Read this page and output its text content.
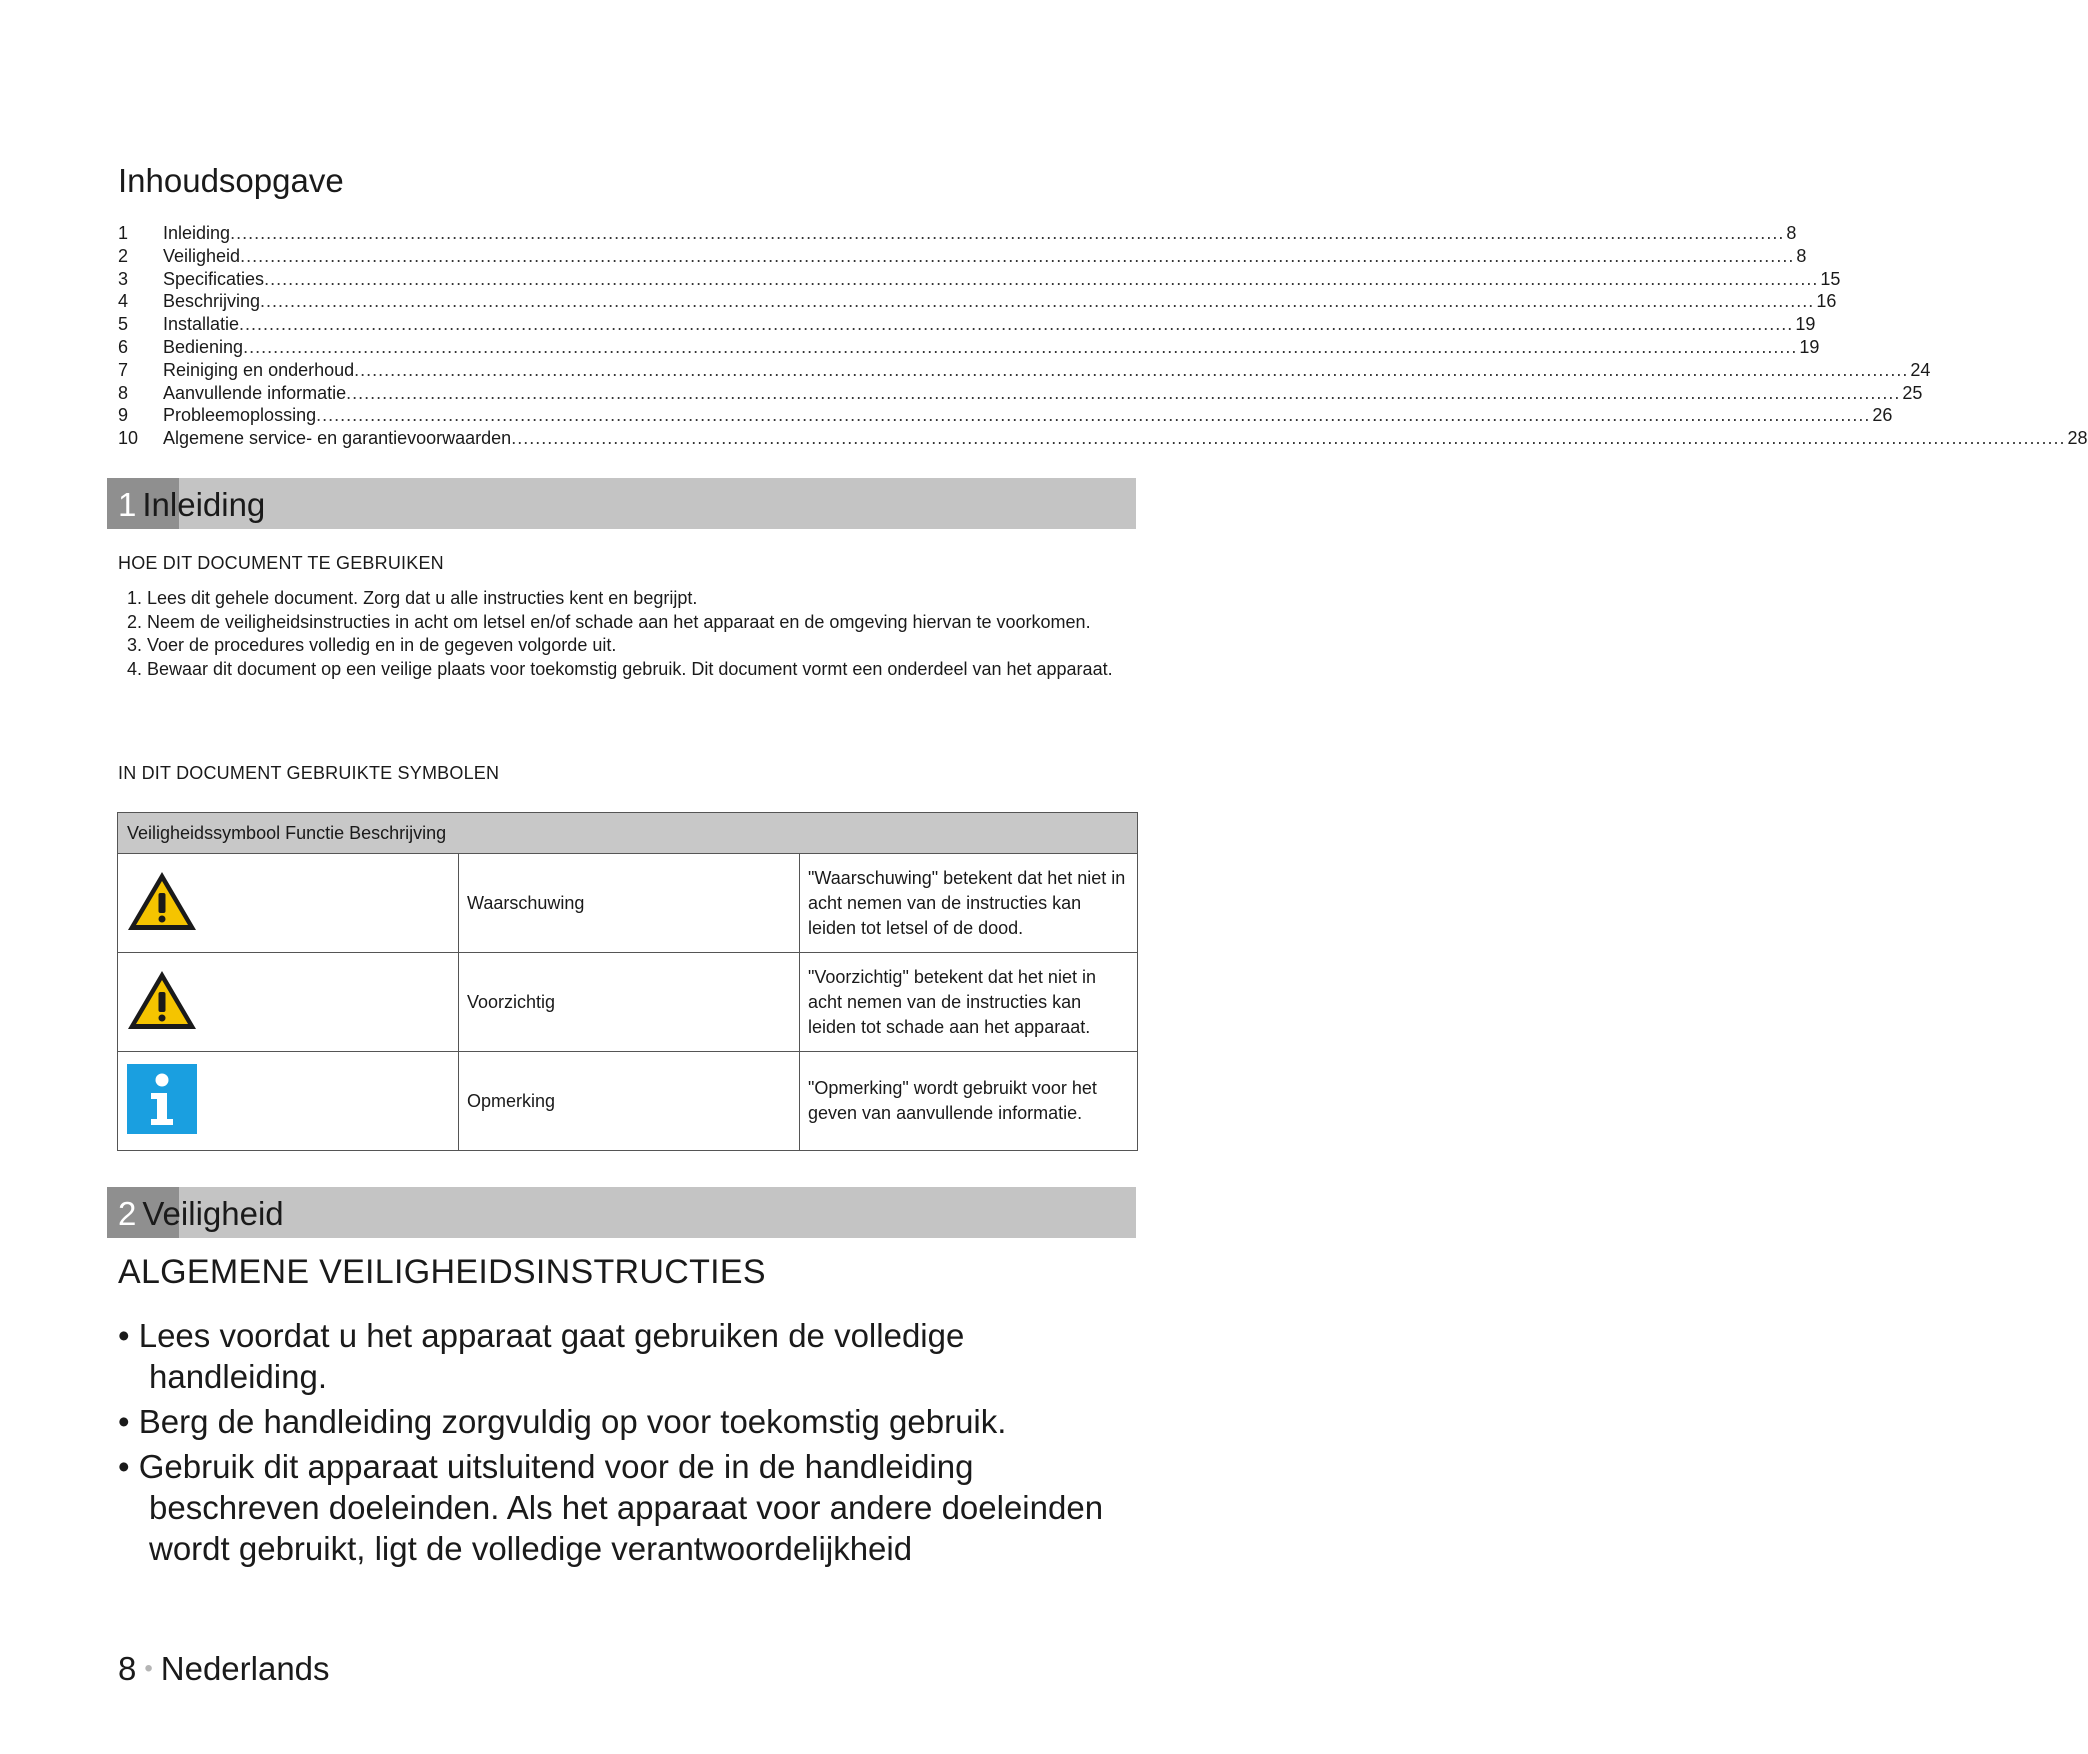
Inhoudsopgave
1	Inleiding ................................................................................................................................................................................................................................................................... 8
2	Veiligheid ................................................................................................................................................................................................................................................................... 8
3	Specificaties ................................................................................................................................................................................................................................................................... 15
4	Beschrijving ................................................................................................................................................................................................................................................................... 16
5	Installatie ................................................................................................................................................................................................................................................................... 19
6	Bediening ................................................................................................................................................................................................................................................................... 19
7	Reiniging en onderhoud ................................................................................................................................................................................................................................................................... 24
8	Aanvullende informatie ................................................................................................................................................................................................................................................................... 25
9	Probleemoplossing ................................................................................................................................................................................................................................................................... 26
10	Algemene service- en garantievoorwaarden ................................................................................................................................................................................................................................................................... 28
1 Inleiding
HOE DIT DOCUMENT TE GEBRUIKEN

1. Lees dit gehele document. Zorg dat u alle instructies kent en begrijpt.

2. Neem de veiligheidsinstructies in acht om letsel en/of schade aan het apparaat en de omgeving hiervan te voorkomen.

3. Voer de procedures volledig en in de gegeven volgorde uit.

4. Bewaar dit document op een veilige plaats voor toekomstig gebruik. Dit document vormt een onderdeel van het apparaat.

IN DIT DOCUMENT GEBRUIKTE SYMBOLEN
Veiligheidssymbool Functie Beschrijving		
	Waarschuwing	"Waarschuwing" betekent dat het niet in acht nemen van de instructies kan leiden tot letsel of de dood.
	Voorzichtig	"Voorzichtig" betekent dat het niet in acht nemen van de instructies kan leiden tot schade aan het apparaat.
	Opmerking	"Opmerking" wordt gebruikt voor het geven van aanvullende informatie.
2 Veiligheid
ALGEMENE VEILIGHEIDSINSTRUCTIES

• Lees voordat u het apparaat gaat gebruiken de volledige handleiding.

• Berg de handleiding zorgvuldig op voor toekomstig gebruik.

• Gebruik dit apparaat uitsluitend voor de in de handleiding beschreven doeleinden. Als het apparaat voor andere doeleinden wordt gebruikt, ligt de volledige verantwoordelijkheid

8 • Nederlands
